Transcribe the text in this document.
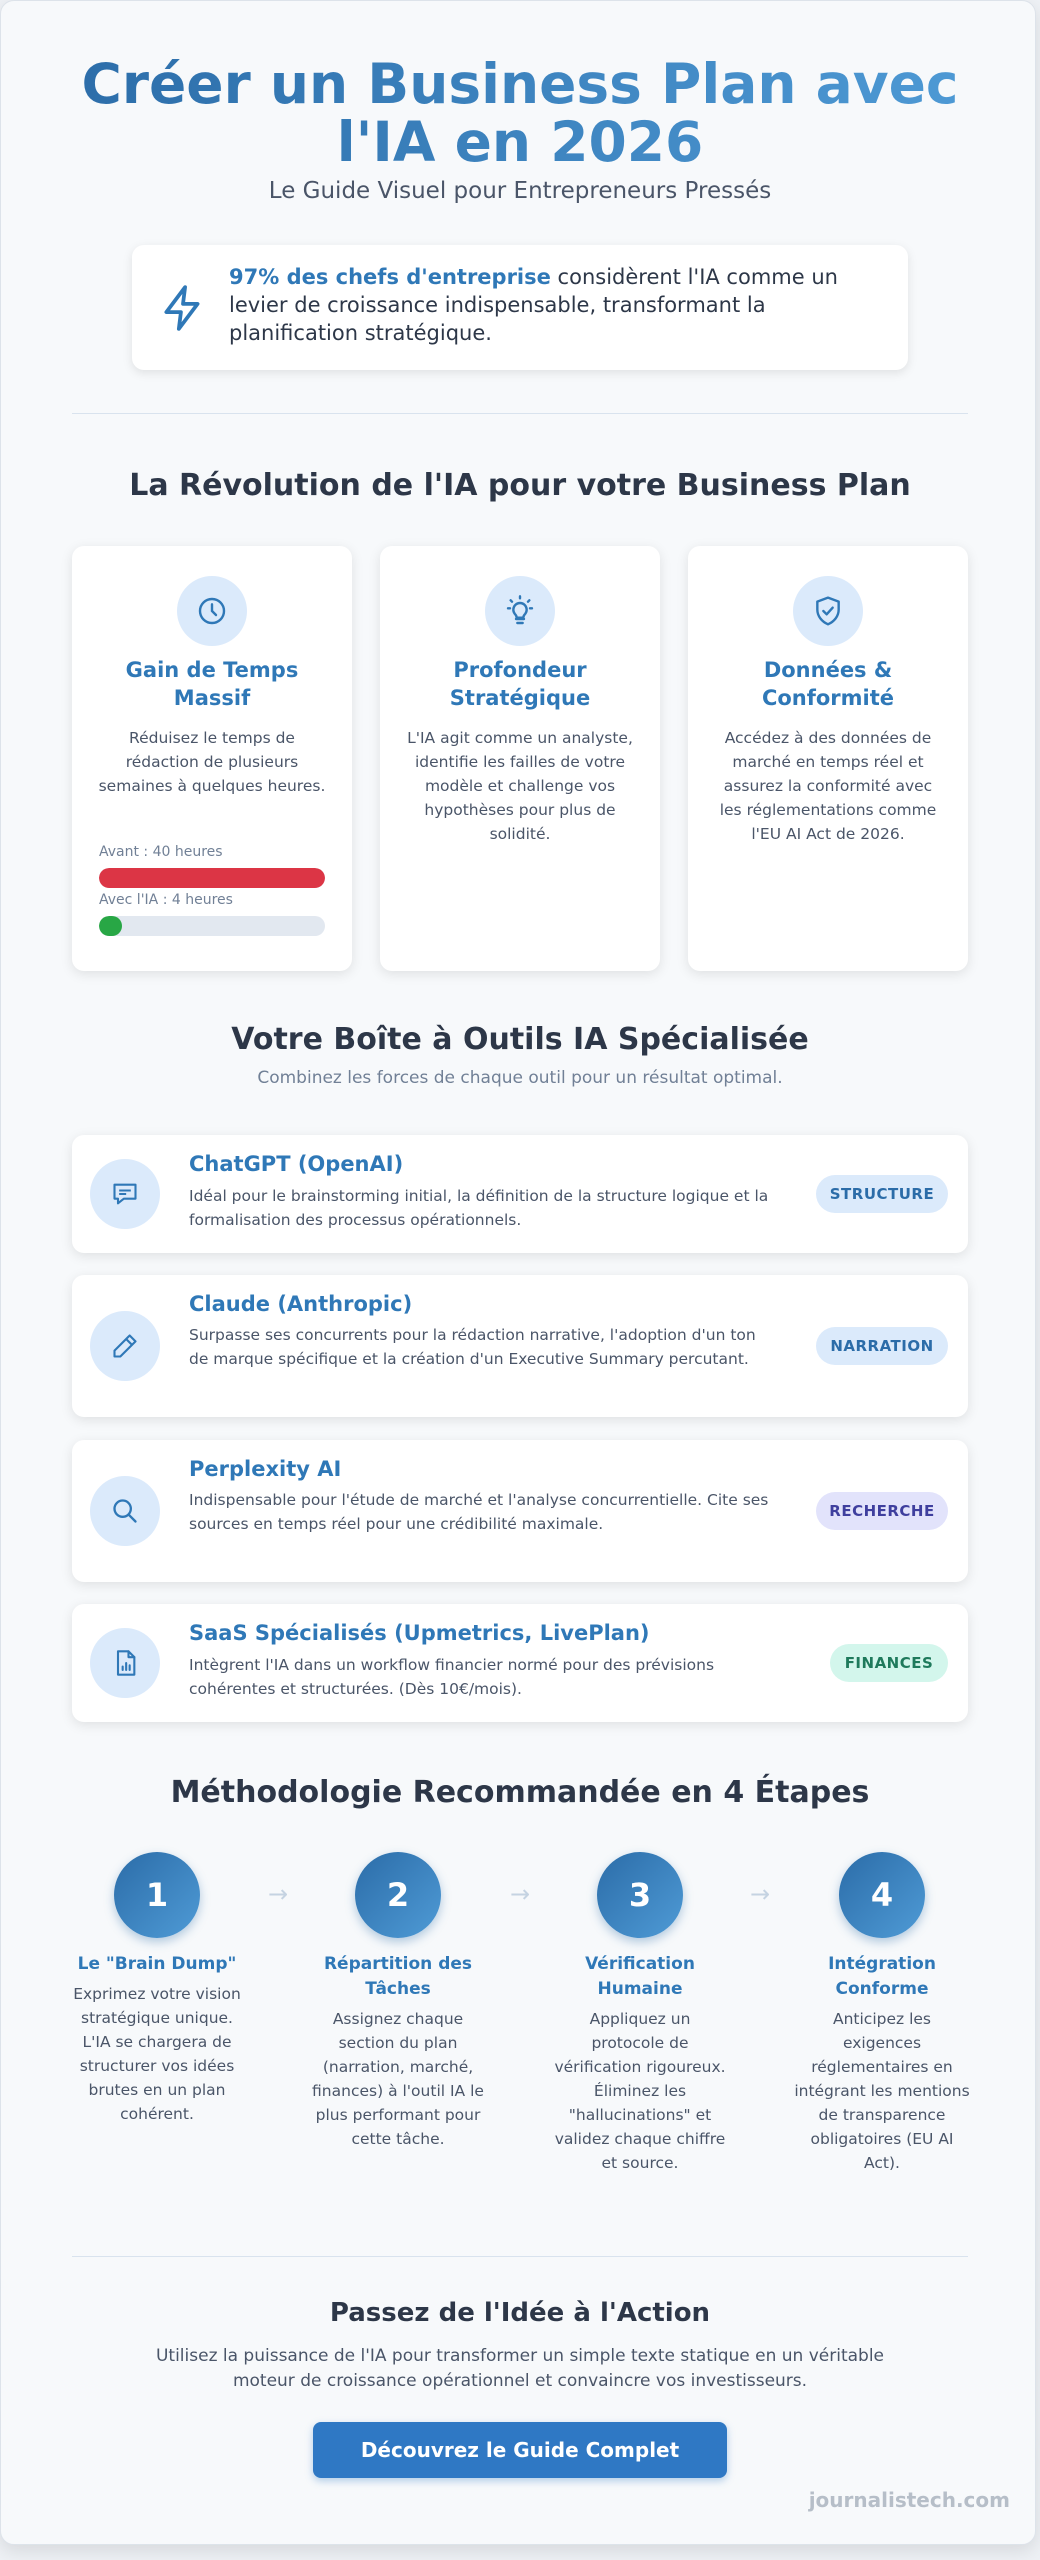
Créer un Business Plan avec
l'IA en 2026
Le Guide Visuel pour Entrepreneurs Pressés
97% des chefs d'entreprise considèrent l'IA comme un levier de croissance indispensable, transformant la planification stratégique.
La Révolution de l'IA pour votre Business Plan
Gain de Temps Massif
Réduisez le temps de rédaction de plusieurs semaines à quelques heures.
Avant : 40 heures
Avec l'IA : 4 heures
Profondeur Stratégique
L'IA agit comme un analyste, identifie les failles de votre modèle et challenge vos hypothèses pour plus de solidité.
Données & Conformité
Accédez à des données de marché en temps réel et assurez la conformité avec les réglementations comme l'EU AI Act de 2026.
Votre Boîte à Outils IA Spécialisée
Combinez les forces de chaque outil pour un résultat optimal.
ChatGPT (OpenAI)
Idéal pour le brainstorming initial, la définition de la structure logique et la formalisation des processus opérationnels.
STRUCTURE
Claude (Anthropic)
Surpasse ses concurrents pour la rédaction narrative, l'adoption d'un ton de marque spécifique et la création d'un Executive Summary percutant.
NARRATION
Perplexity AI
Indispensable pour l'étude de marché et l'analyse concurrentielle. Cite ses sources en temps réel pour une crédibilité maximale.
RECHERCHE
SaaS Spécialisés (Upmetrics, LivePlan)
Intègrent l'IA dans un workflow financier normé pour des prévisions cohérentes et structurées. (Dès 10€/mois).
FINANCES
Méthodologie Recommandée en 4 Étapes
1
Le "Brain Dump"
Exprimez votre vision stratégique unique. L'IA se chargera de structurer vos idées brutes en un plan cohérent.
→	2
Répartition des Tâches
Assignez chaque section du plan (narration, marché, finances) à l'outil IA le plus performant pour cette tâche.
→	3
Vérification Humaine
Appliquez un protocole de vérification rigoureux. Éliminez les "hallucinations" et validez chaque chiffre et source.
→	4
Intégration Conforme
Anticipez les exigences réglementaires en intégrant les mentions de transparence obligatoires (EU AI Act).
Passez de l'Idée à l'Action
Utilisez la puissance de l'IA pour transformer un simple texte statique en un véritable moteur de croissance opérationnel et convaincre vos investisseurs.
Découvrez le Guide Complet
journalistech.com
